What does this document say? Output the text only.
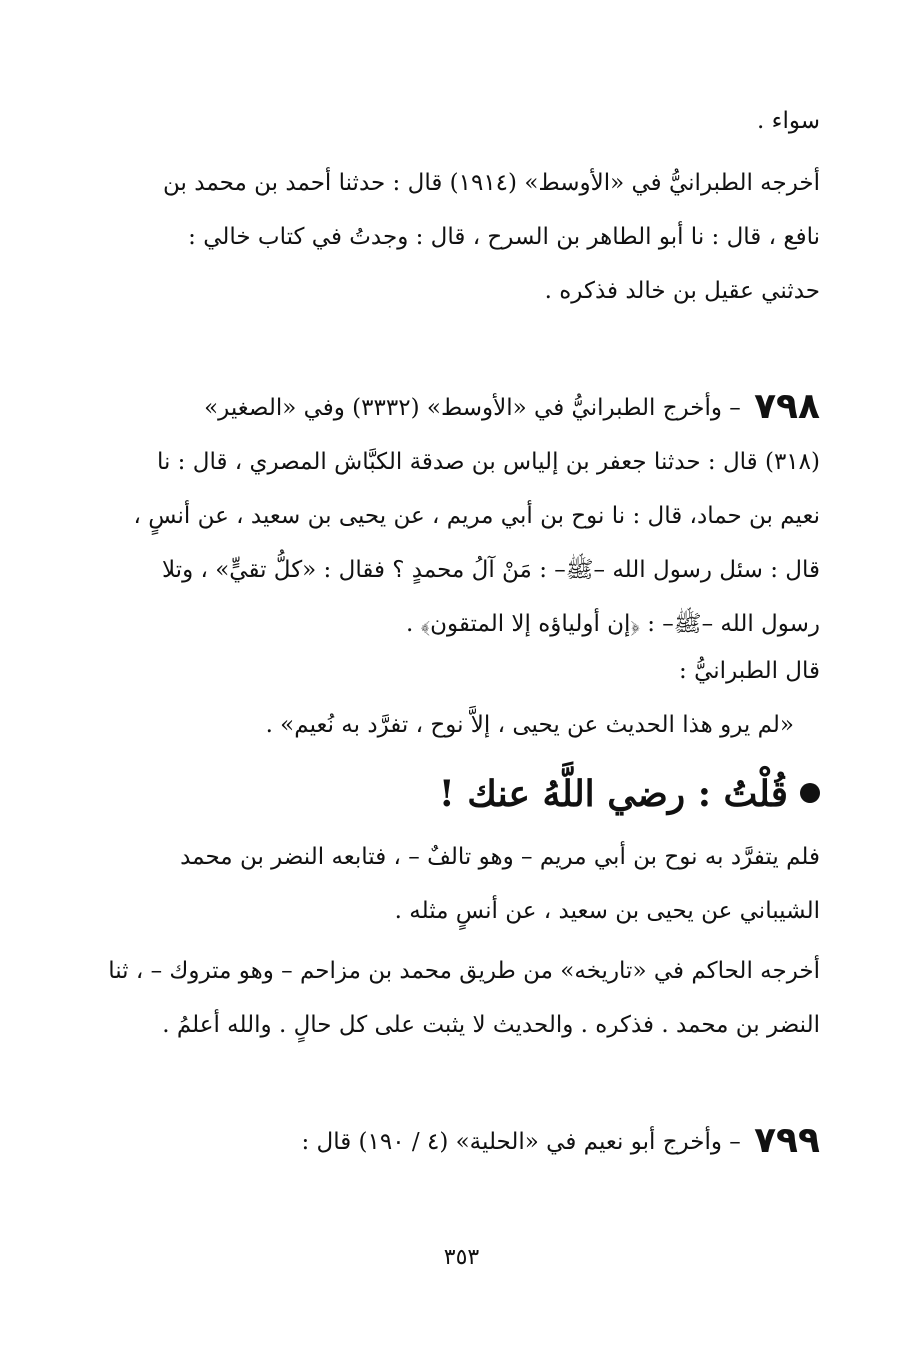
سواء .
أخرجه الطبرانيُّ في «الأوسط» (١٩١٤) قال : حدثنا أحمد بن محمد بن
نافع ، قال : نا أبو الطاهر بن السرح ، قال : وجدتُ في كتاب خالي :
حدثني عقيل بن خالد فذكره .
٧٩٨ – وأخرج الطبرانيُّ في «الأوسط» (٣٣٣٢) وفي «الصغير»
(٣١٨) قال : حدثنا جعفر بن إلياس بن صدقة الكبَّاش المصري ، قال : نا
نعيم بن حماد، قال : نا نوح بن أبي مريم ، عن يحيى بن سعيد ، عن أنسٍ ،
قال : سئل رسول الله –ﷺ– : مَنْ آلُ محمدٍ ؟ فقال : «كلُّ تقيٍّ» ، وتلا
رسول الله –ﷺ– : ﴿إن أولياؤه إلا المتقون﴾ .
قال الطبرانيُّ :
«لم يرو هذا الحديث عن يحيى ، إلاَّ نوح ، تفرَّد به نُعيم» .
قُلْتُ : رضي اللَّهُ عنك !
فلم يتفرَّد به نوح بن أبي مريم – وهو تالفٌ – ، فتابعه النضر بن محمد
الشيباني عن يحيى بن سعيد ، عن أنسٍ مثله .
أخرجه الحاكم في «تاريخه» من طريق محمد بن مزاحم – وهو متروك – ، ثنا
النضر بن محمد . فذكره . والحديث لا يثبت على كل حالٍ . والله أعلمُ .
٧٩٩ – وأخرج أبو نعيم في «الحلية» (٤ / ١٩٠) قال :
٣٥٣
